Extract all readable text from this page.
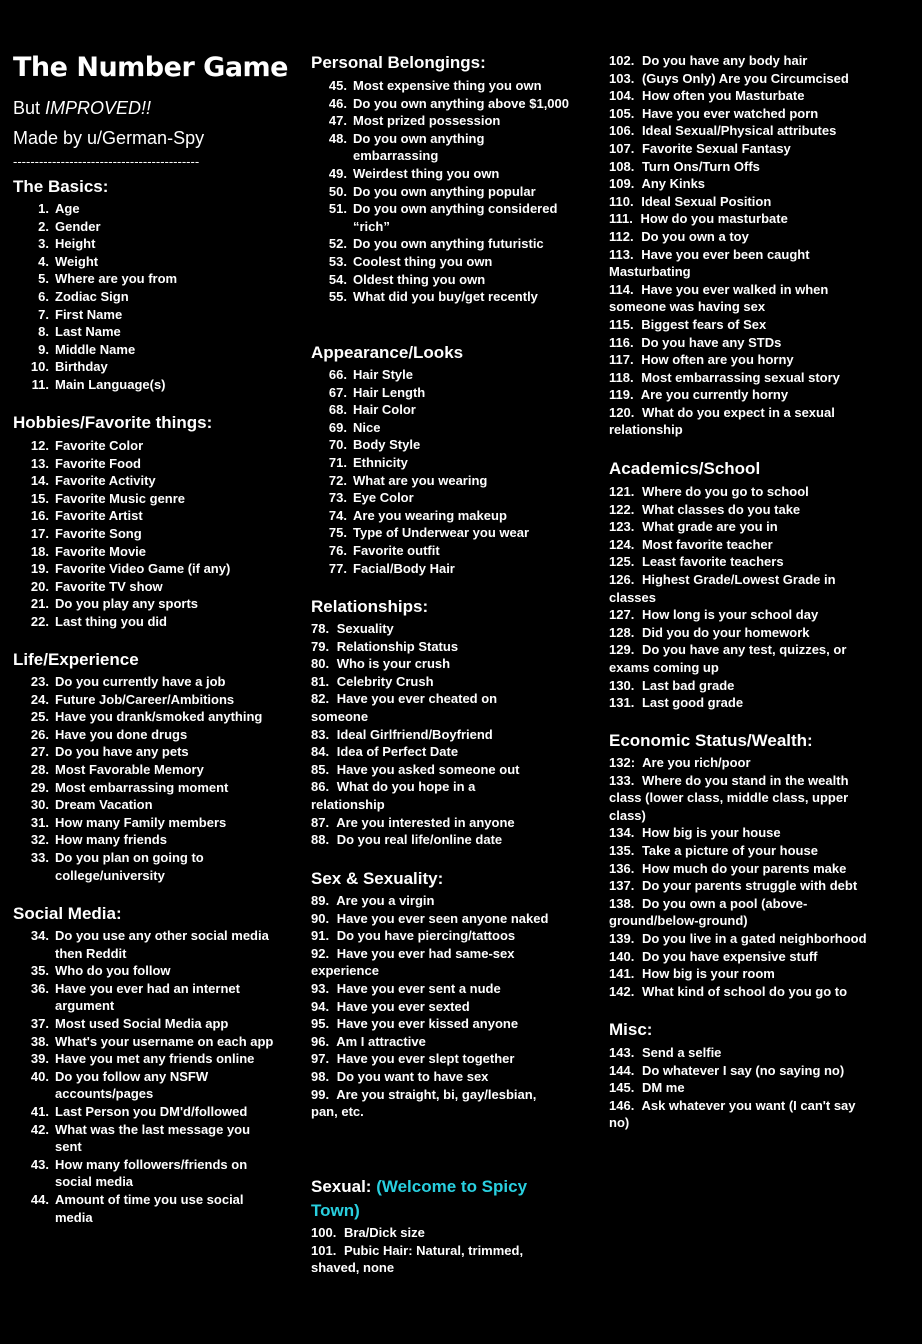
The Number Game
But IMPROVED!!
Made by u/German-Spy
-------------------------------------------
The Basics:
1. Age
2. Gender
3. Height
4. Weight
5. Where are you from
6. Zodiac Sign
7. First Name
8. Last Name
9. Middle Name
10. Birthday
11. Main Language(s)
Hobbies/Favorite things:
12. Favorite Color
13. Favorite Food
14. Favorite Activity
15. Favorite Music genre
16. Favorite Artist
17. Favorite Song
18. Favorite Movie
19. Favorite Video Game (if any)
20. Favorite TV show
21. Do you play any sports
22. Last thing you did
Life/Experience
23. Do you currently have a job
24. Future Job/Career/Ambitions
25. Have you drank/smoked anything
26. Have you done drugs
27. Do you have any pets
28. Most Favorable Memory
29. Most embarrassing moment
30. Dream Vacation
31. How many Family members
32. How many friends
33. Do you plan on going to college/university
Social Media:
34. Do you use any other social media then Reddit
35. Who do you follow
36. Have you ever had an internet argument
37. Most used Social Media app
38. What's your username on each app
39. Have you met any friends online
40. Do you follow any NSFW accounts/pages
41. Last Person you DM'd/followed
42. What was the last message you sent
43. How many followers/friends on social media
44. Amount of time you use social media
Personal Belongings:
45. Most expensive thing you own
46. Do you own anything above $1,000
47. Most prized possession
48. Do you own anything embarrassing
49. Weirdest thing you own
50. Do you own anything popular
51. Do you own anything considered “rich”
52. Do you own anything futuristic
53. Coolest thing you own
54. Oldest thing you own
55. What did you buy/get recently
Appearance/Looks
66. Hair Style
67. Hair Length
68. Hair Color
69. Nice
70. Body Style
71. Ethnicity
72. What are you wearing
73. Eye Color
74. Are you wearing makeup
75. Type of Underwear you wear
76. Favorite outfit
77. Facial/Body Hair
Relationships:
78. Sexuality
79. Relationship Status
80. Who is your crush
81. Celebrity Crush
82. Have you ever cheated on someone
83. Ideal Girlfriend/Boyfriend
84. Idea of Perfect Date
85. Have you asked someone out
86. What do you hope in a relationship
87. Are you interested in anyone
88. Do you real life/online date
Sex & Sexuality:
89. Are you a virgin
90. Have you ever seen anyone naked
91. Do you have piercing/tattoos
92. Have you ever had same-sex experience
93. Have you ever sent a nude
94. Have you ever sexted
95. Have you ever kissed anyone
96. Am I attractive
97. Have you ever slept together
98. Do you want to have sex
99. Are you straight, bi, gay/lesbian, pan, etc.
Sexual: (Welcome to Spicy Town)
100. Bra/Dick size
101. Pubic Hair: Natural, trimmed, shaved, none
102. Do you have any body hair
103. (Guys Only) Are you Circumcised
104. How often you Masturbate
105. Have you ever watched porn
106. Ideal Sexual/Physical attributes
107. Favorite Sexual Fantasy
108. Turn Ons/Turn Offs
109. Any Kinks
110. Ideal Sexual Position
111. How do you masturbate
112. Do you own a toy
113. Have you ever been caught Masturbating
114. Have you ever walked in when someone was having sex
115. Biggest fears of Sex
116. Do you have any STDs
117. How often are you horny
118. Most embarrassing sexual story
119. Are you currently horny
120. What do you expect in a sexual relationship
Academics/School
121. Where do you go to school
122. What classes do you take
123. What grade are you in
124. Most favorite teacher
125. Least favorite teachers
126. Highest Grade/Lowest Grade in classes
127. How long is your school day
128. Did you do your homework
129. Do you have any test, quizzes, or exams coming up
130. Last bad grade
131. Last good grade
Economic Status/Wealth:
132: Are you rich/poor
133. Where do you stand in the wealth class (lower class, middle class, upper class)
134. How big is your house
135. Take a picture of your house
136. How much do your parents make
137. Do your parents struggle with debt
138. Do you own a pool (above-ground/below-ground)
139. Do you live in a gated neighborhood
140. Do you have expensive stuff
141. How big is your room
142. What kind of school do you go to
Misc:
143. Send a selfie
144. Do whatever I say (no saying no)
145. DM me
146. Ask whatever you want (I can't say no)
